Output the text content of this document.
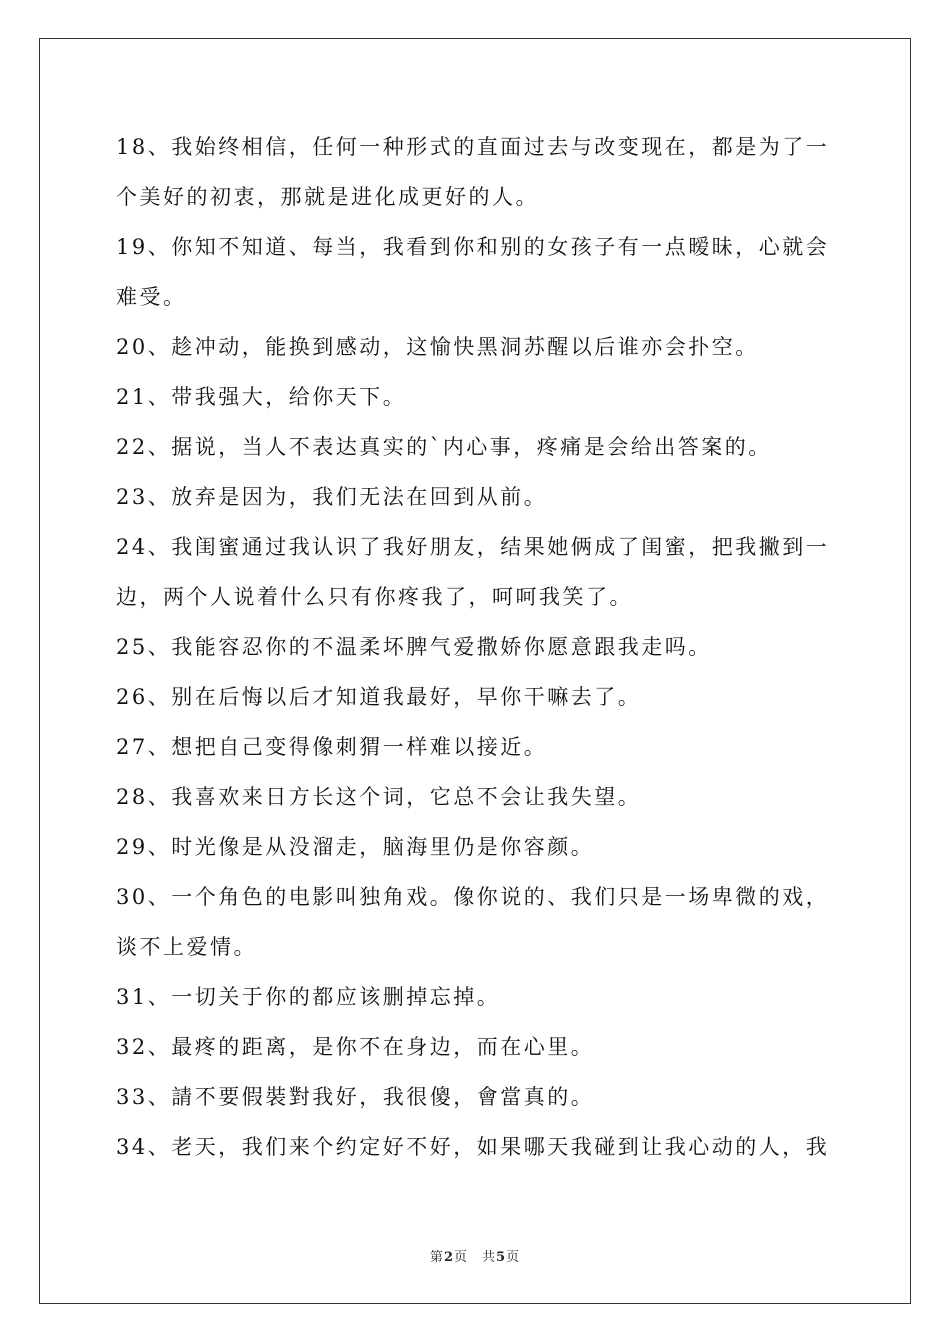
18、我始终相信，任何一种形式的直面过去与改变现在，都是为了一

个美好的初衷，那就是进化成更好的人。

19、你知不知道、每当，我看到你和别的女孩子有一点暧昧，心就会

难受。

20、趁冲动，能换到感动，这愉快黑洞苏醒以后谁亦会扑空。

21、带我强大，给你天下。

22、据说，当人不表达真实的`内心事，疼痛是会给出答案的。

23、放弃是因为，我们无法在回到从前。

24、我闺蜜通过我认识了我好朋友，结果她俩成了闺蜜，把我撇到一

边，两个人说着什么只有你疼我了，呵呵我笑了。

25、我能容忍你的不温柔坏脾气爱撒娇你愿意跟我走吗。

26、别在后悔以后才知道我最好，早你干嘛去了。

27、想把自己变得像刺猬一样难以接近。

28、我喜欢来日方长这个词，它总不会让我失望。

29、时光像是从没溜走，脑海里仍是你容颜。

30、一个角色的电影叫独角戏。像你说的、我们只是一场卑微的戏，

谈不上爱情。

31、一切关于你的都应该删掉忘掉。

32、最疼的距离，是你不在身边，而在心里。

33、請不要假裝對我好，我很傻，會當真的。

34、老天，我们来个约定好不好，如果哪天我碰到让我心动的人，我

第2页 共5页
